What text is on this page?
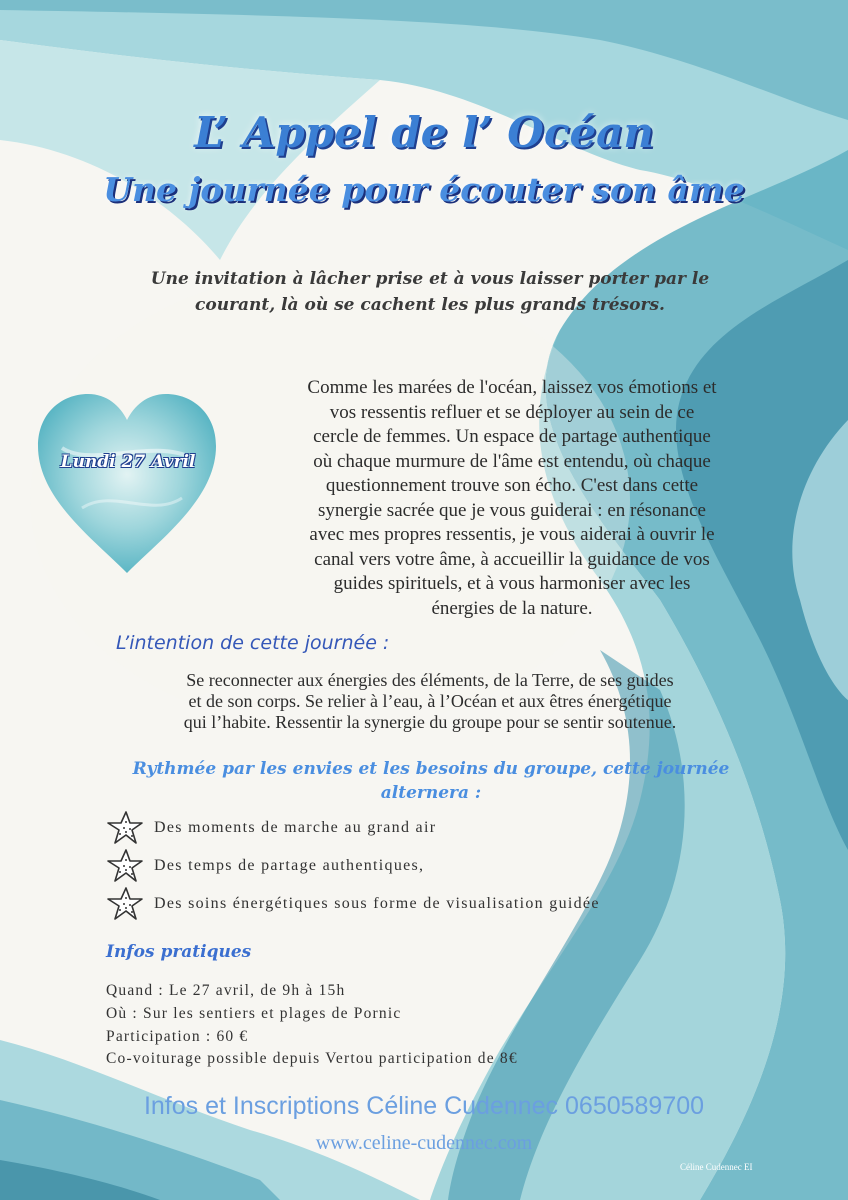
L’ Appel de l’ Océan
Une journée pour écouter son âme
Une invitation à lâcher prise et à vous laisser porter par le
courant, là où se cachent les plus grands trésors.
Lundi 27 Avril
Comme les marées de l'océan, laissez vos émotions et
vos ressentis refluer et se déployer au sein de ce
cercle de femmes. Un espace de partage authentique
où chaque murmure de l'âme est entendu, où chaque
questionnement trouve son écho. C'est dans cette
synergie sacrée que je vous guiderai : en résonance
avec mes propres ressentis, je vous aiderai à ouvrir le
canal vers votre âme, à accueillir la guidance de vos
guides spirituels, et à vous harmoniser avec les
énergies de la nature.
L’intention de cette journée :
Se reconnecter aux énergies des éléments, de la Terre, de ses guides
et de son corps. Se relier à l’eau, à l’Océan et aux êtres énergétique
qui l’habite. Ressentir la synergie du groupe pour se sentir soutenue.
Rythmée par les envies et les besoins du groupe, cette journée
alternera :
Des moments de marche au grand air
Des temps de partage authentiques,
Des soins énergétiques sous forme de visualisation guidée
Infos pratiques
Quand : Le 27 avril, de 9h à 15h
Où : Sur les sentiers et plages de Pornic
Participation : 60 €
Co-voiturage possible depuis Vertou participation de 8€
Infos et Inscriptions Céline Cudennec 0650589700
www.celine-cudennec.com
Céline Cudennec EI
